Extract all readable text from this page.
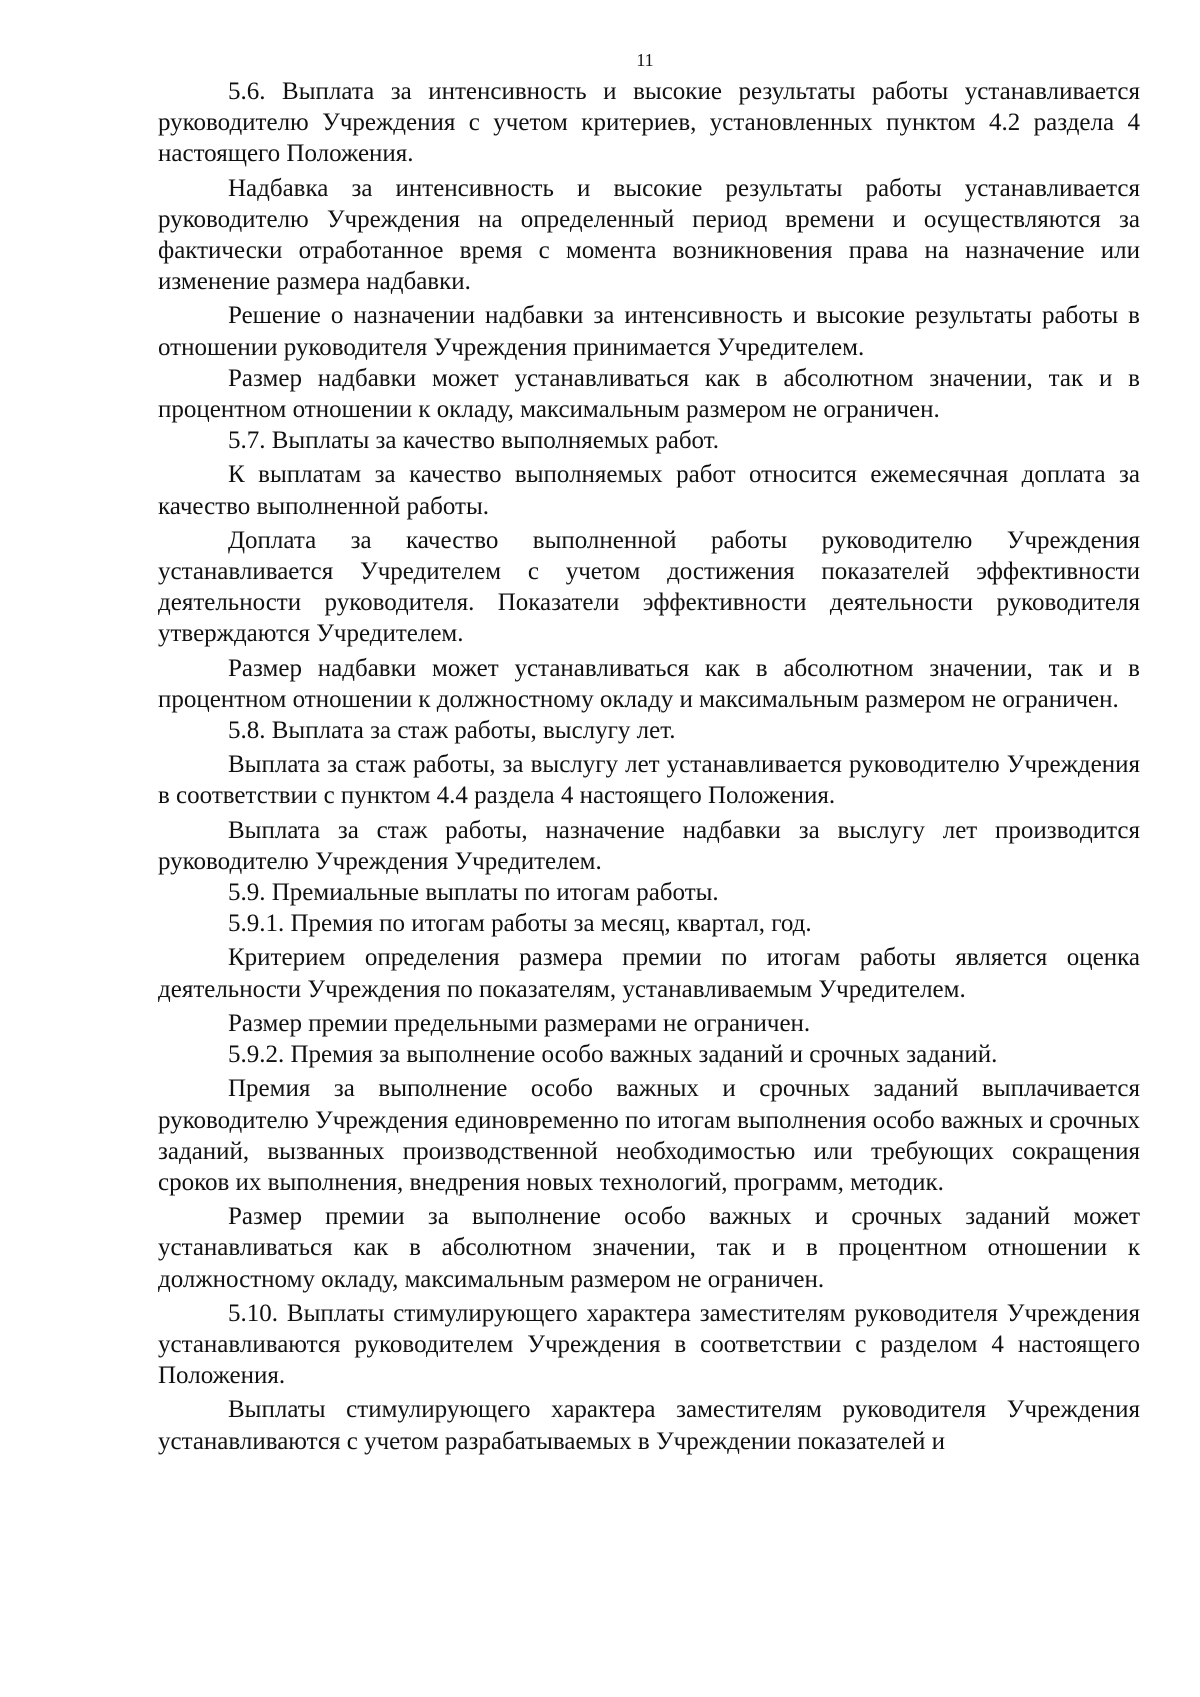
11

5.6. Выплата за интенсивность и высокие результаты работы устанавливается руководителю Учреждения с учетом критериев, установленных пунктом 4.2 раздела 4 настоящего Положения.

Надбавка за интенсивность и высокие результаты работы устанавливается руководителю Учреждения на определенный период времени и осуществляются за фактически отработанное время с момента возникновения права на назначение или изменение размера надбавки.

Решение о назначении надбавки за интенсивность и высокие результаты работы в отношении руководителя Учреждения принимается Учредителем.

Размер надбавки может устанавливаться как в абсолютном значении, так и в процентном отношении к окладу, максимальным размером не ограничен.

5.7. Выплаты за качество выполняемых работ.

К выплатам за качество выполняемых работ относится ежемесячная доплата за качество выполненной работы.

Доплата за качество выполненной работы руководителю Учреждения устанавливается Учредителем с учетом достижения показателей эффективности деятельности руководителя. Показатели эффективности деятельности руководителя утверждаются Учредителем.

Размер надбавки может устанавливаться как в абсолютном значении, так и в процентном отношении к должностному окладу и максимальным размером не ограничен.

5.8. Выплата за стаж работы, выслугу лет.

Выплата за стаж работы, за выслугу лет устанавливается руководителю Учреждения в соответствии с пунктом 4.4 раздела 4 настоящего Положения.

Выплата за стаж работы, назначение надбавки за выслугу лет производится руководителю Учреждения Учредителем.

5.9. Премиальные выплаты по итогам работы.

5.9.1. Премия по итогам работы за месяц, квартал, год.

Критерием определения размера премии по итогам работы является оценка деятельности Учреждения по показателям, устанавливаемым Учредителем.

Размер премии предельными размерами не ограничен.

5.9.2. Премия за выполнение особо важных заданий и срочных заданий.

Премия за выполнение особо важных и срочных заданий выплачивается руководителю Учреждения единовременно по итогам выполнения особо важных и срочных заданий, вызванных производственной необходимостью или требующих сокращения сроков их выполнения, внедрения новых технологий, программ, методик.

Размер премии за выполнение особо важных и срочных заданий может устанавливаться как в абсолютном значении, так и в процентном отношении к должностному окладу, максимальным размером не ограничен.

5.10. Выплаты стимулирующего характера заместителям руководителя Учреждения устанавливаются руководителем Учреждения в соответствии с разделом 4 настоящего Положения.

Выплаты стимулирующего характера заместителям руководителя Учреждения устанавливаются с учетом разрабатываемых в Учреждении показателей и
